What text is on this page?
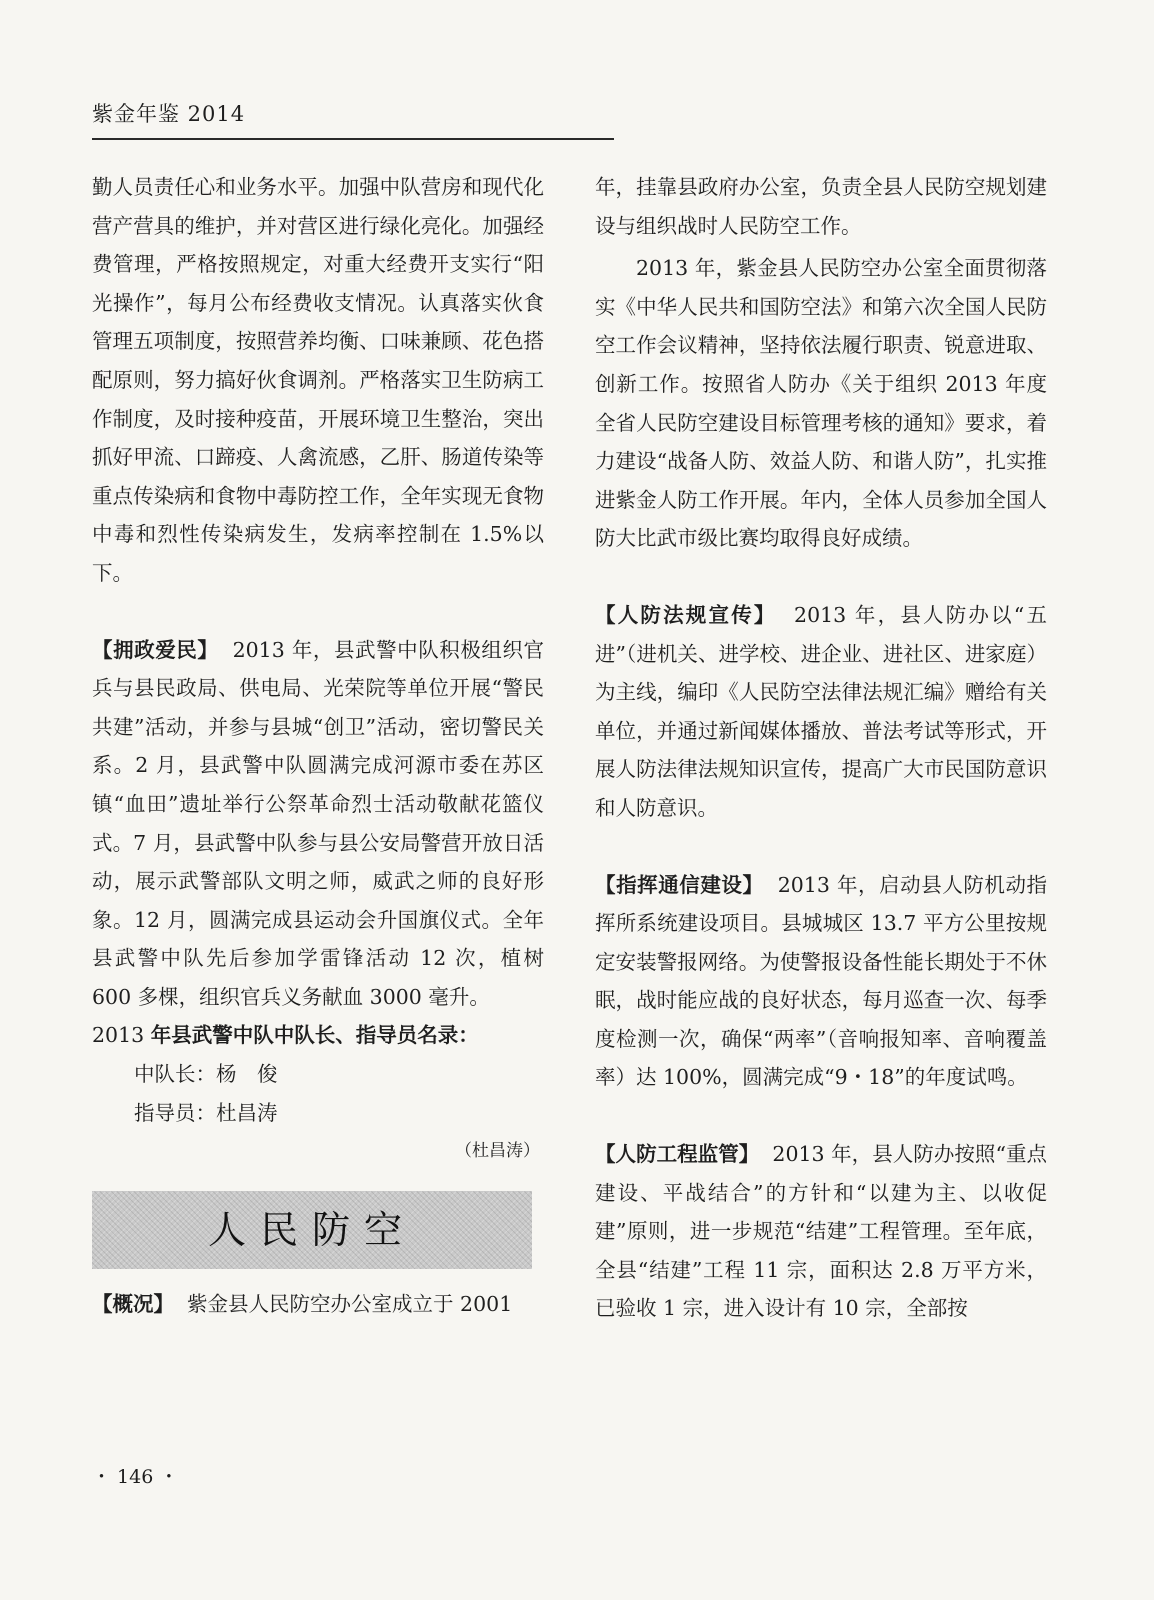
紫金年鉴 2014

勤人员责任心和业务水平。加强中队营房和现代化营产营具的维护，并对营区进行绿化亮化。加强经费管理，严格按照规定，对重大经费开支实行“阳光操作”，每月公布经费收支情况。认真落实伙食管理五项制度，按照营养均衡、口味兼顾、花色搭配原则，努力搞好伙食调剂。严格落实卫生防病工作制度，及时接种疫苗，开展环境卫生整治，突出抓好甲流、口蹄疫、人禽流感，乙肝、肠道传染等重点传染病和食物中毒防控工作，全年实现无食物中毒和烈性传染病发生，发病率控制在 1.5%以下。

【拥政爱民】 2013 年，县武警中队积极组织官兵与县民政局、供电局、光荣院等单位开展“警民共建”活动，并参与县城“创卫”活动，密切警民关系。2 月，县武警中队圆满完成河源市委在苏区镇“血田”遗址举行公祭革命烈士活动敬献花篮仪式。7 月，县武警中队参与县公安局警营开放日活动，展示武警部队文明之师，威武之师的良好形象。12 月，圆满完成县运动会升国旗仪式。全年县武警中队先后参加学雷锋活动 12 次，植树 600 多棵，组织官兵义务献血 3000 毫升。

2013 年县武警中队中队长、指导员名录：

中队长：杨　俊

指导员：杜昌涛

（杜昌涛）

人民防空

【概况】 紫金县人民防空办公室成立于 2001

年，挂靠县政府办公室，负责全县人民防空规划建设与组织战时人民防空工作。

2013 年，紫金县人民防空办公室全面贯彻落实《中华人民共和国防空法》和第六次全国人民防空工作会议精神，坚持依法履行职责、锐意进取、创新工作。按照省人防办《关于组织 2013 年度全省人民防空建设目标管理考核的通知》要求，着力建设“战备人防、效益人防、和谐人防”，扎实推进紫金人防工作开展。年内，全体人员参加全国人防大比武市级比赛均取得良好成绩。

【人防法规宣传】 2013 年，县人防办以“五进”（进机关、进学校、进企业、进社区、进家庭）为主线，编印《人民防空法律法规汇编》赠给有关单位，并通过新闻媒体播放、普法考试等形式，开展人防法律法规知识宣传，提高广大市民国防意识和人防意识。

【指挥通信建设】 2013 年，启动县人防机动指挥所系统建设项目。县城城区 13.7 平方公里按规定安装警报网络。为使警报设备性能长期处于不休眠，战时能应战的良好状态，每月巡查一次、每季度检测一次，确保“两率”（音响报知率、音响覆盖率）达 100%，圆满完成“9・18”的年度试鸣。

【人防工程监管】 2013 年，县人防办按照“重点建设、平战结合”的方针和“以建为主、以收促建”原则，进一步规范“结建”工程管理。至年底，全县“结建”工程 11 宗，面积达 2.8 万平方米，已验收 1 宗，进入设计有 10 宗，全部按

・ 146 ・
